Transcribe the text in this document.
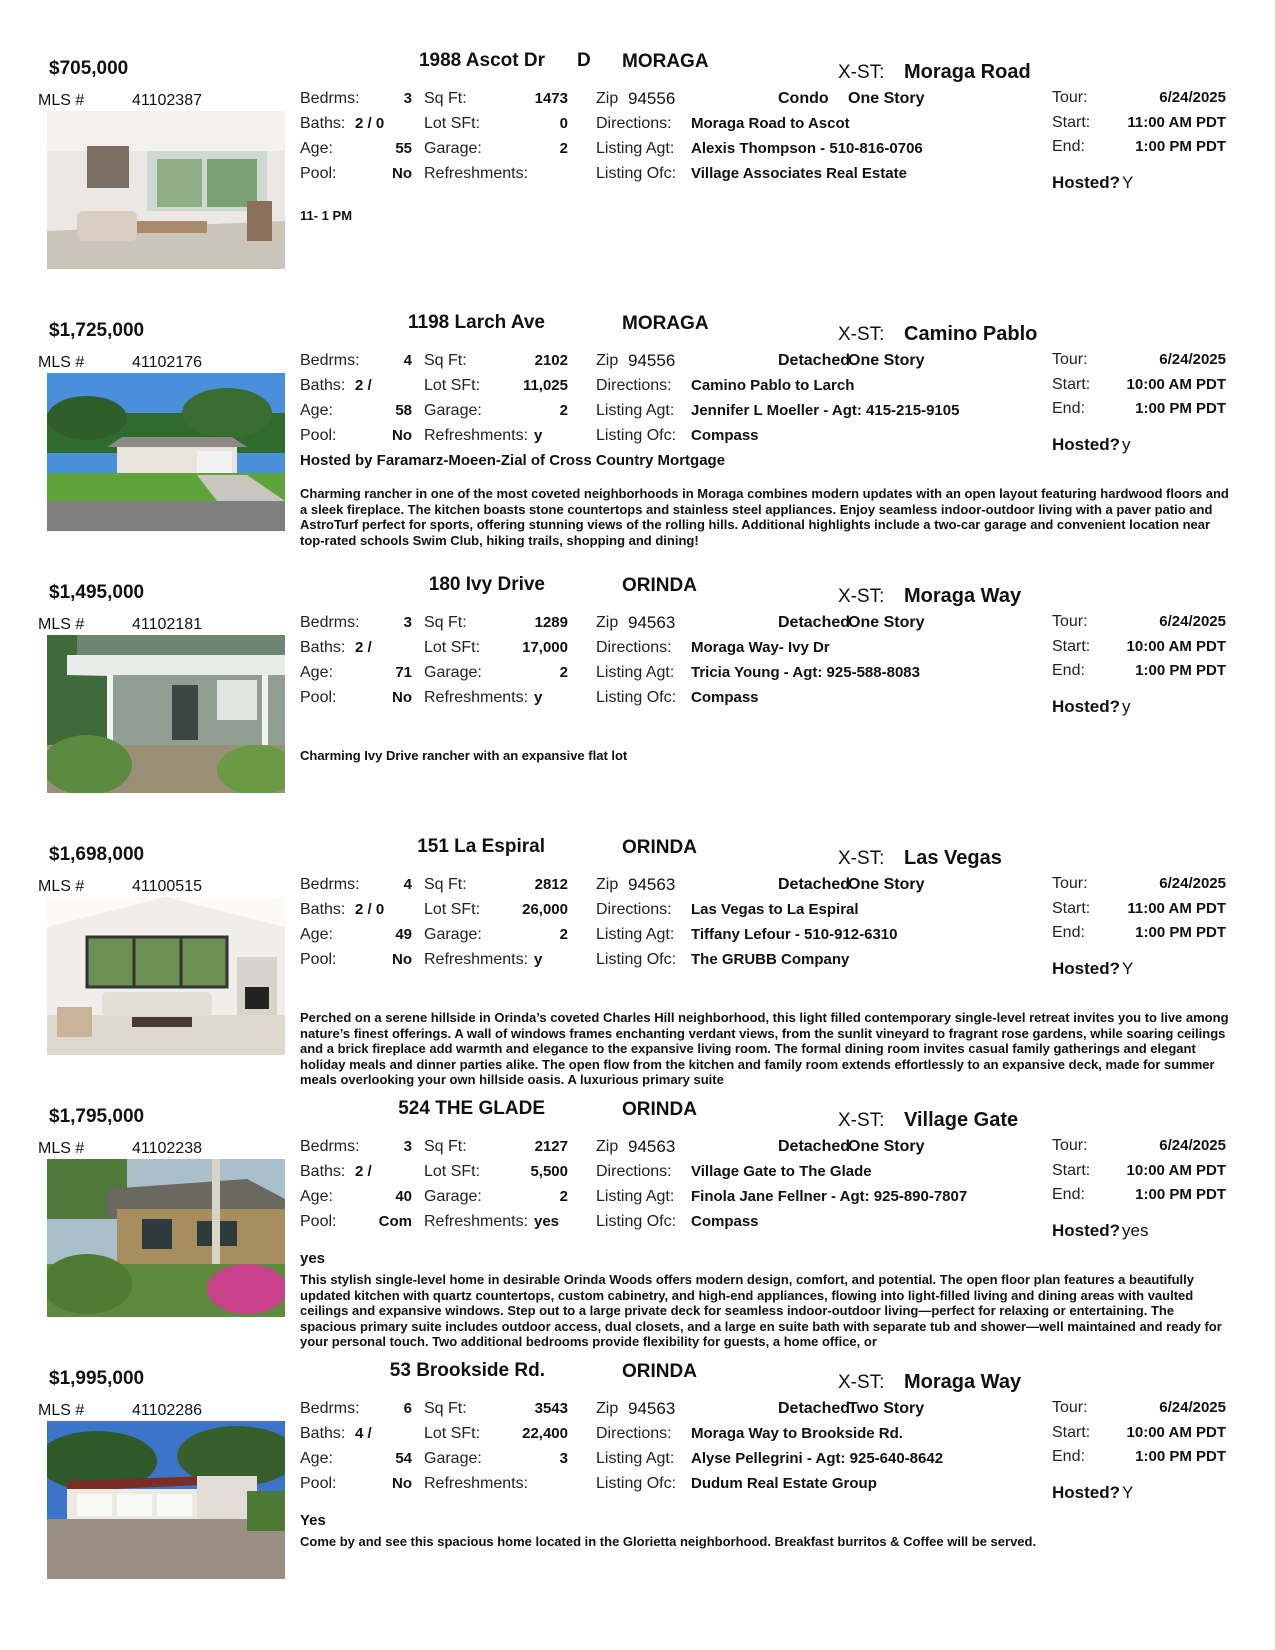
$705,000	1988 Ascot Dr D MORAGA
X-ST: Moraga Road
MLS #	41102387	Bedrms:	3
Baths: 2 / 0
Age:	55
Pool:	No
Sq Ft:	1473
Lot SFt:	0
Garage:	2
Refreshments:
Zip 94556	Condo One Story
Directions: Moraga Road to Ascot
Listing Agt: Alexis Thompson - 510-816-0706
Listing Ofc: Village Associates Real Estate
Tour:	6/24/2025
Start:	11:00 AM PDT
End:	1:00 PM PDT
Hosted? Y
11- 1 PM
$1,725,000	1198 Larch Ave	MORAGA
X-ST: Camino Pablo
MLS #	41102176	Bedrms:	4
Baths: 2 /
Age:	58
Pool:	No
Sq Ft:	2102
Lot SFt:	11,025
Garage:	2
Refreshments: y
Zip 94556	Detached
One Story
Directions: Camino Pablo to Larch
Listing Agt: Jennifer L Moeller - Agt: 415-215-9105
Listing Ofc: Compass
Tour:	6/24/2025
Start:	10:00 AM PDT
End:	1:00 PM PDT
Hosted? y
Hosted by Faramarz-Moeen-Zial of Cross Country Mortgage
Charming rancher in one of the most coveted neighborhoods in Moraga combines modern updates with an open layout featuring hardwood floors and a sleek fireplace. The kitchen boasts stone countertops and stainless steel appliances. Enjoy seamless indoor-outdoor living with a paver patio and AstroTurf perfect for sports, offering stunning views of the rolling hills. Additional highlights include a two-car garage and convenient location near top-rated schools Swim Club, hiking trails, shopping and dining!
$1,495,000	180 Ivy Drive	ORINDA
X-ST: Moraga Way
MLS #	41102181	Bedrms:	3
Baths: 2 /
Age:	71
Pool:	No
Sq Ft:	1289
Lot SFt:	17,000
Garage:	2
Refreshments: y
Zip 94563	Detached
One Story
Directions: Moraga Way- Ivy Dr
Listing Agt: Tricia Young - Agt: 925-588-8083
Listing Ofc: Compass
Tour:	6/24/2025
Start:	10:00 AM PDT
End:	1:00 PM PDT
Hosted? y
Charming Ivy Drive rancher with an expansive flat lot
$1,698,000	151 La Espiral	ORINDA
X-ST: Las Vegas
MLS #	41100515	Bedrms:	4
Baths: 2 / 0
Age:	49
Pool:	No
Sq Ft:	2812
Lot SFt:	26,000
Garage:	2
Refreshments: y
Zip 94563	Detached
One Story
Directions: Las Vegas to La Espiral
Listing Agt: Tiffany Lefour - 510-912-6310
Listing Ofc: The GRUBB Company
Tour:	6/24/2025
Start:	11:00 AM PDT
End:	1:00 PM PDT
Hosted? Y
Perched on a serene hillside in Orinda’s coveted Charles Hill neighborhood, this light filled contemporary single-level retreat invites you to live among nature’s finest offerings. A wall of windows frames enchanting verdant views, from the sunlit vineyard to fragrant rose gardens, while soaring ceilings and a brick fireplace add warmth and elegance to the expansive living room. The formal dining room invites casual family gatherings and elegant holiday meals and dinner parties alike. The open flow from the kitchen and family room extends effortlessly to an expansive deck, made for summer meals overlooking your own hillside oasis. A luxurious primary suite
$1,795,000	524 THE GLADE	ORINDA
X-ST: Village Gate
MLS #	41102238	Bedrms:	3
Baths: 2 /
Age:	40
Pool:	Com
Sq Ft:	2127
Lot SFt:	5,500
Garage:	2
Refreshments: yes
Zip 94563	Detached
One Story
Directions: Village Gate to The Glade
Listing Agt: Finola Jane Fellner - Agt: 925-890-7807
Listing Ofc: Compass
Tour:	6/24/2025
Start:	10:00 AM PDT
End:	1:00 PM PDT
Hosted? yes
yes
This stylish single-level home in desirable Orinda Woods offers modern design, comfort, and potential. The open floor plan features a beautifully updated kitchen with quartz countertops, custom cabinetry, and high-end appliances, flowing into light-filled living and dining areas with vaulted ceilings and expansive windows. Step out to a large private deck for seamless indoor-outdoor living—perfect for relaxing or entertaining. The spacious primary suite includes outdoor access, dual closets, and a large en suite bath with separate tub and shower—well maintained and ready for your personal touch. Two additional bedrooms provide flexibility for guests, a home office, or
$1,995,000	53 Brookside Rd.	ORINDA
X-ST: Moraga Way
MLS #	41102286	Bedrms:	6
Baths: 4 /
Age:	54
Pool:	No
Sq Ft:	3543
Lot SFt:	22,400
Garage:	3
Refreshments:
Zip 94563	Detached
Two Story
Directions: Moraga Way to Brookside Rd.
Listing Agt: Alyse Pellegrini - Agt: 925-640-8642
Listing Ofc: Dudum Real Estate Group
Tour:	6/24/2025
Start:	10:00 AM PDT
End:	1:00 PM PDT
Hosted? Y
Yes
Come by and see this spacious home located in the Glorietta neighborhood. Breakfast burritos & Coffee will be served.
